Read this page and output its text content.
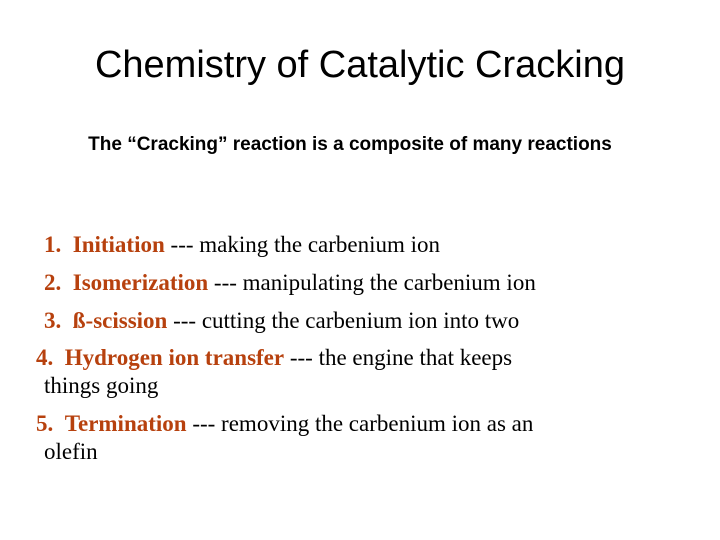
Chemistry of Catalytic Cracking
The “Cracking” reaction is a composite of many reactions
1. Initiation --- making the carbenium ion
2. Isomerization --- manipulating the carbenium ion
3. ß-scission --- cutting the carbenium ion into two
4. Hydrogen ion transfer --- the engine that keeps
things going
5. Termination --- removing the carbenium ion as an
olefin
